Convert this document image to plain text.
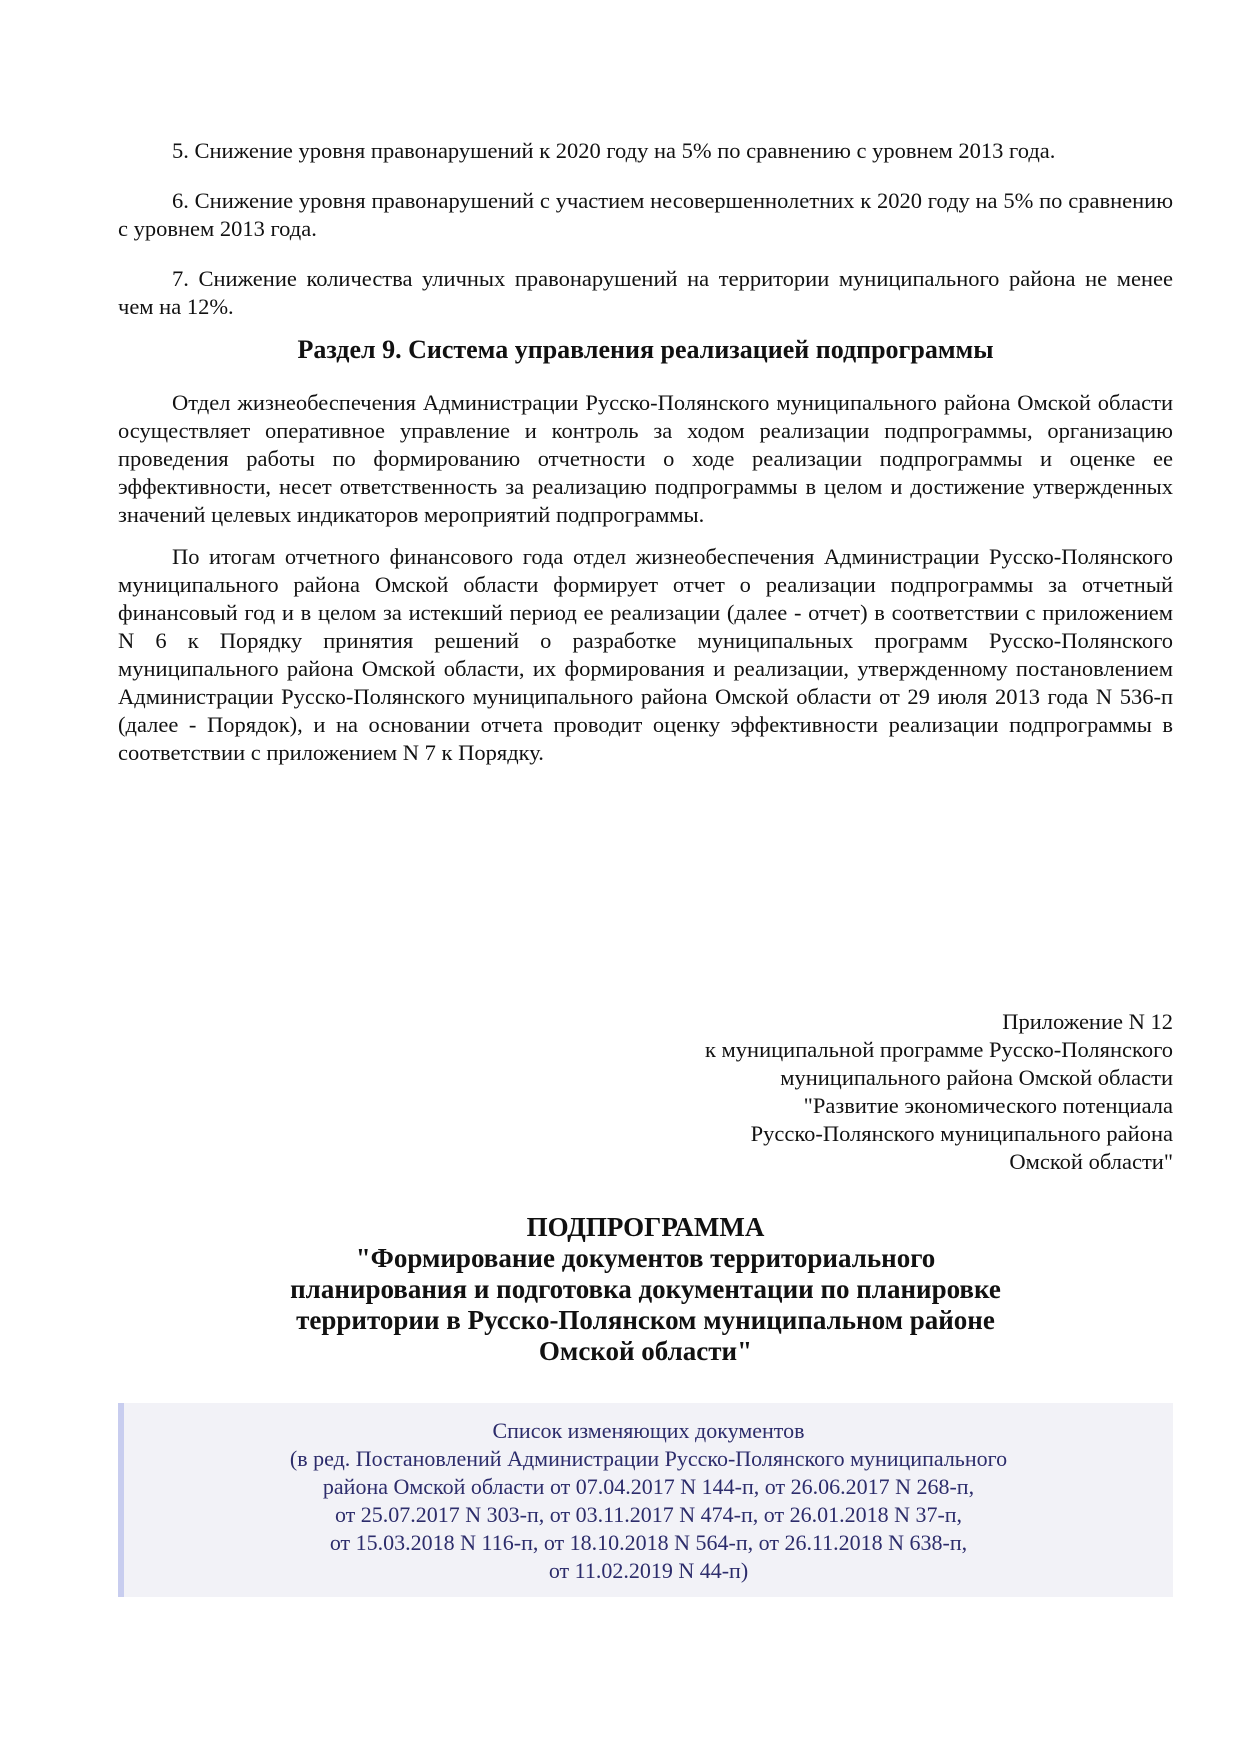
5. Снижение уровня правонарушений к 2020 году на 5% по сравнению с уровнем 2013 года.

6. Снижение уровня правонарушений с участием несовершеннолетних к 2020 году на 5% по сравнению с уровнем 2013 года.

7. Снижение количества уличных правонарушений на территории муниципального района не менее чем на 12%.

Раздел 9. Система управления реализацией подпрограммы

Отдел жизнеобеспечения Администрации Русско-Полянского муниципального района Омской области осуществляет оперативное управление и контроль за ходом реализации подпрограммы, организацию проведения работы по формированию отчетности о ходе реализации подпрограммы и оценке ее эффективности, несет ответственность за реализацию подпрограммы в целом и достижение утвержденных значений целевых индикаторов мероприятий подпрограммы.

По итогам отчетного финансового года отдел жизнеобеспечения Администрации Русско-Полянского муниципального района Омской области формирует отчет о реализации подпрограммы за отчетный финансовый год и в целом за истекший период ее реализации (далее - отчет) в соответствии с приложением N 6 к Порядку принятия решений о разработке муниципальных программ Русско-Полянского муниципального района Омской области, их формирования и реализации, утвержденному постановлением Администрации Русско-Полянского муниципального района Омской области от 29 июля 2013 года N 536-п (далее - Порядок), и на основании отчета проводит оценку эффективности реализации подпрограммы в соответствии с приложением N 7 к Порядку.

Приложение N 12
к муниципальной программе Русско-Полянского
муниципального района Омской области
"Развитие экономического потенциала
Русско-Полянского муниципального района
Омской области"
ПОДПРОГРАММА
"Формирование документов территориального
планирования и подготовка документации по планировке
территории в Русско-Полянском муниципальном районе
Омской области"
Список изменяющих документов
(в ред. Постановлений Администрации Русско-Полянского муниципального
района Омской области от 07.04.2017 N 144-п, от 26.06.2017 N 268-п,
от 25.07.2017 N 303-п, от 03.11.2017 N 474-п, от 26.01.2018 N 37-п,
от 15.03.2018 N 116-п, от 18.10.2018 N 564-п, от 26.11.2018 N 638-п,
от 11.02.2019 N 44-п)
